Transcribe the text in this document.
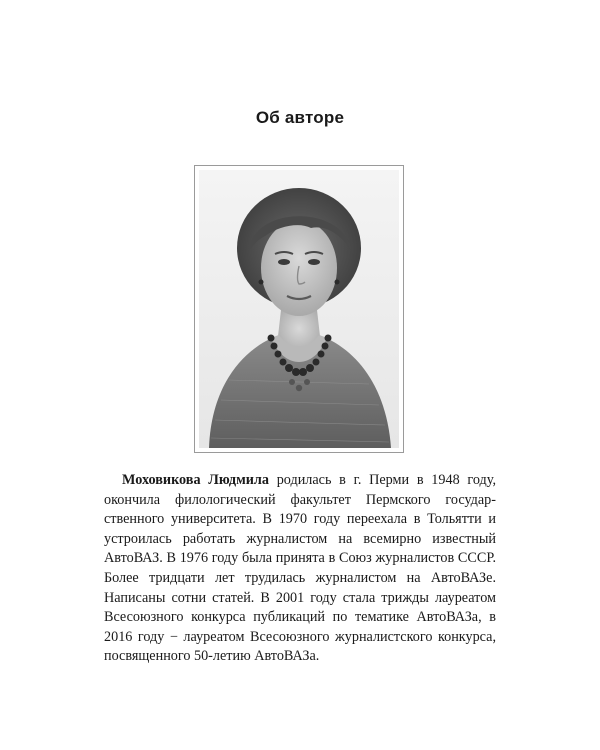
Об авторе
Моховикова Людмила родилась в г. Перми в 1948 году, окончила филологический факультет Пермского государственного университета. В 1970 году переехала в Тольятти и устроилась работать журналистом на всемирно известный АвтоВАЗ. В 1976 году была принята в Союз журналистов СССР. Более тридцати лет трудилась журналистом на АвтоВАЗе. Написаны сотни статей. В 2001 году стала трижды лауреатом Всесоюзного конкурса публикаций по тематике АвтоВАЗа, в 2016 году − лауреатом Всесоюзного журналистского конкурса, посвященного 50-летию АвтоВАЗа.
